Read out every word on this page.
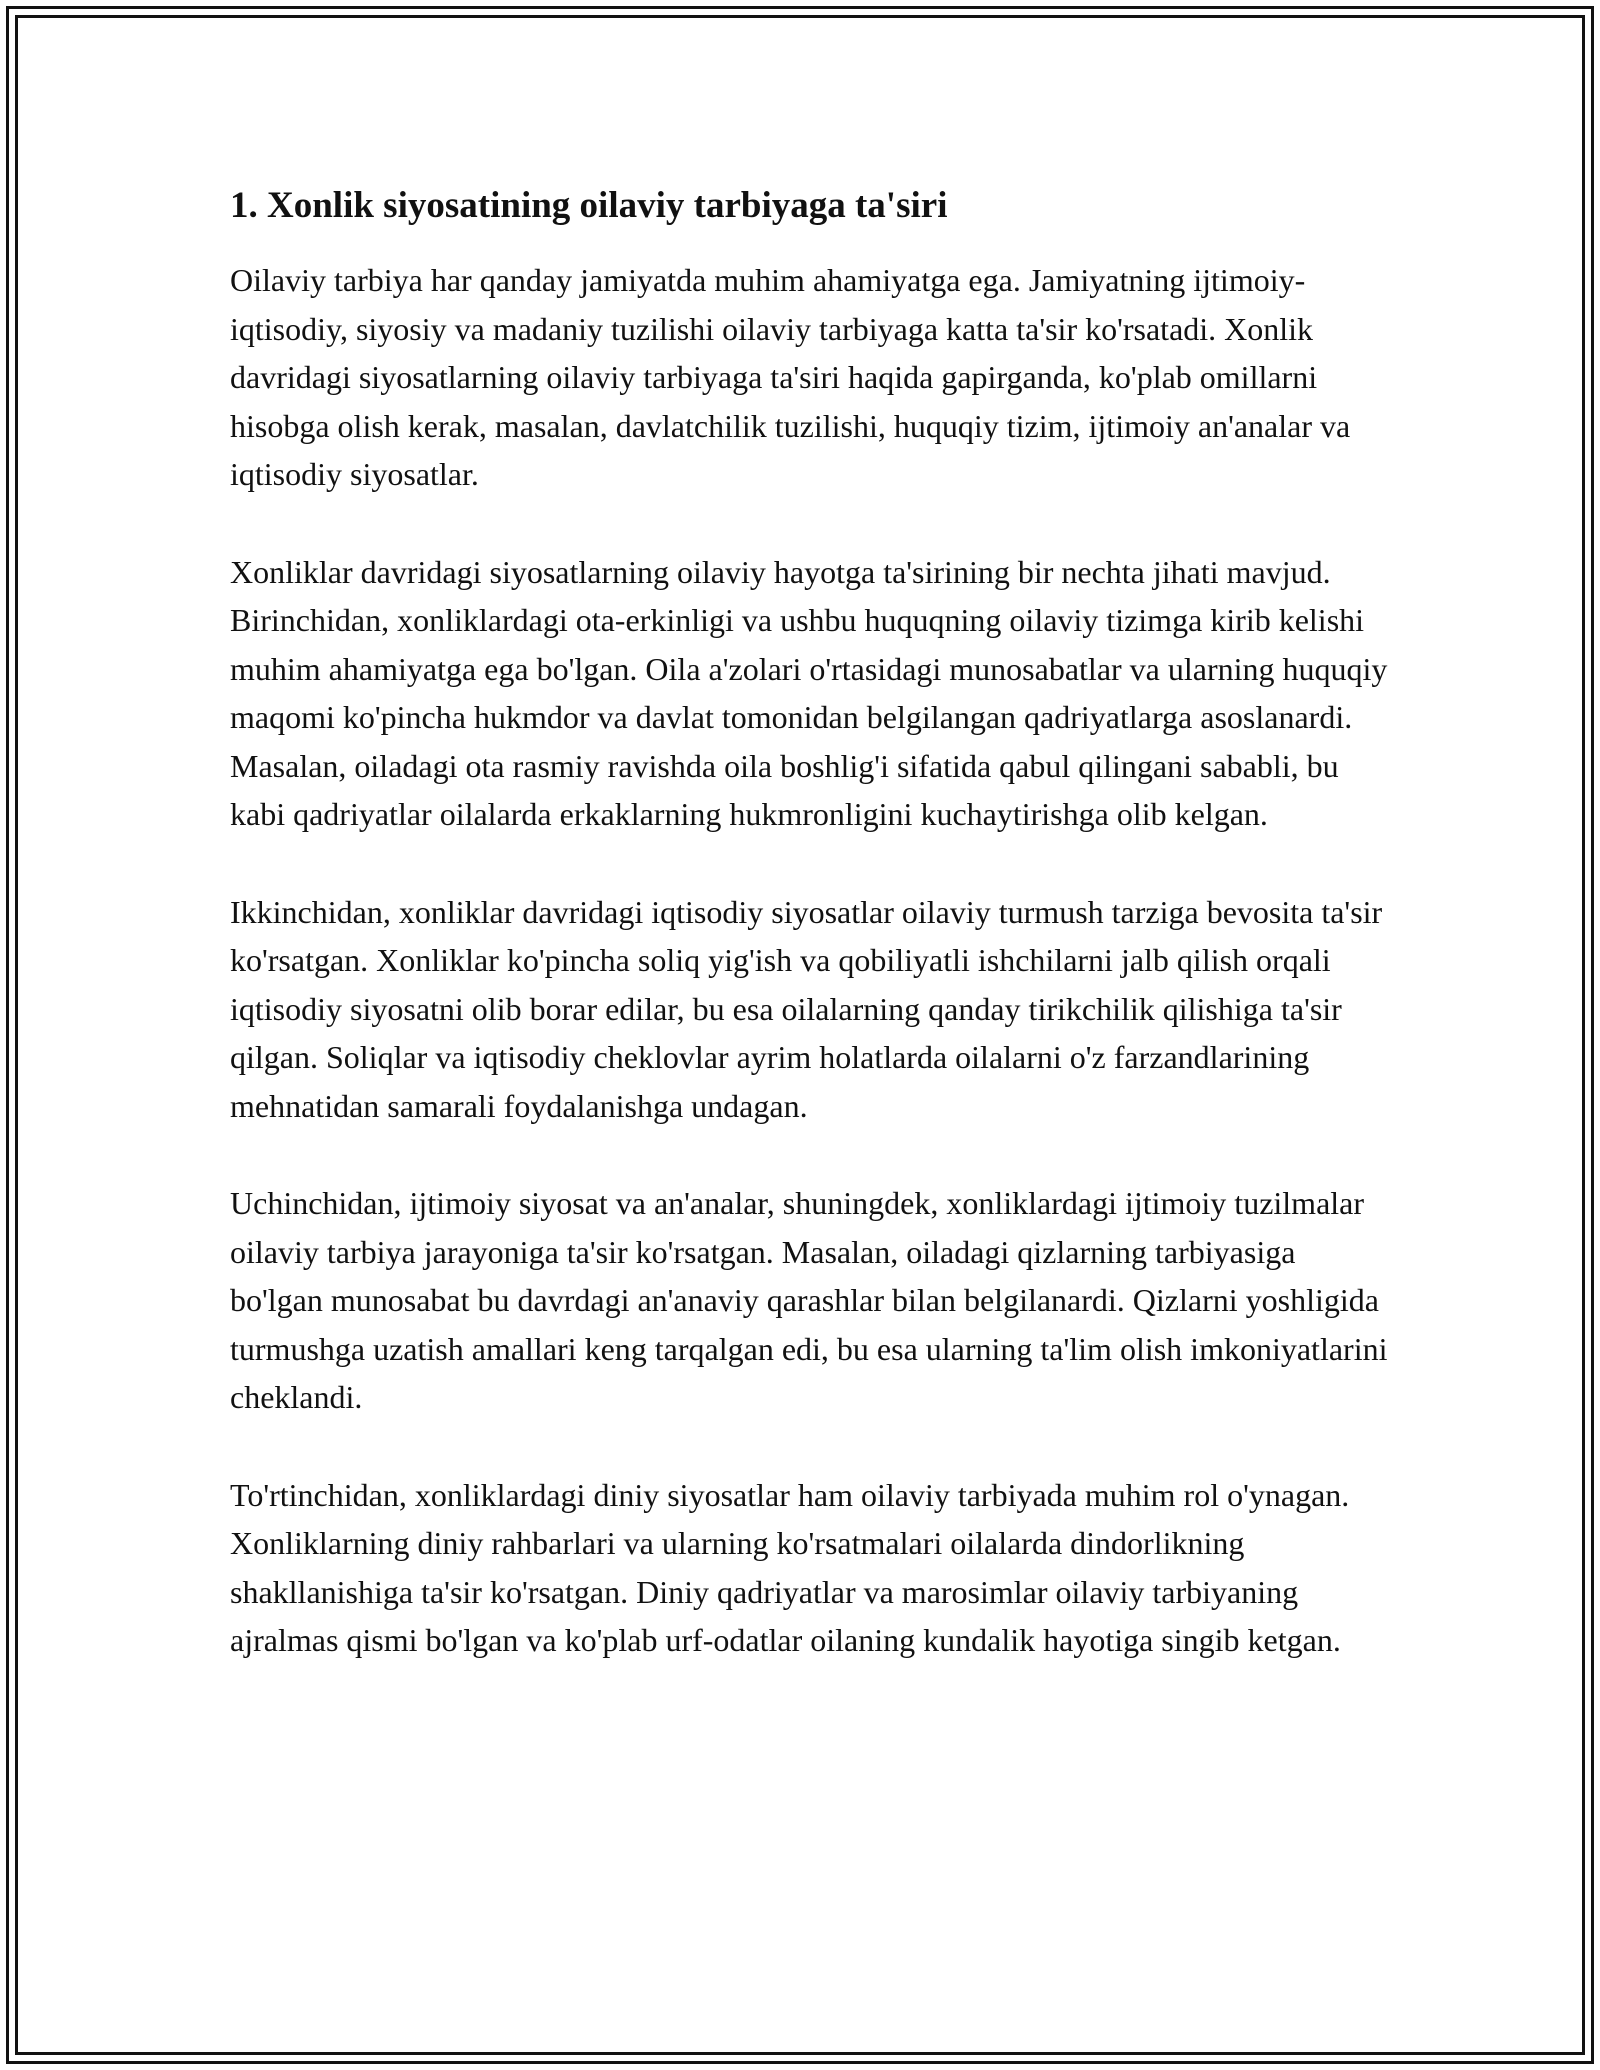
1. Xonlik siyosatining oilaviy tarbiyaga ta'siri

Oilaviy tarbiya har qanday jamiyatda muhim ahamiyatga ega. Jamiyatning ijtimoiy-iqtisodiy, siyosiy va madaniy tuzilishi oilaviy tarbiyaga katta ta'sir ko'rsatadi. Xonlik davridagi siyosatlarning oilaviy tarbiyaga ta'siri haqida gapirganda, ko'plab omillarni hisobga olish kerak, masalan, davlatchilik tuzilishi, huquqiy tizim, ijtimoiy an'analar va iqtisodiy siyosatlar.

Xonliklar davridagi siyosatlarning oilaviy hayotga ta'sirining bir nechta jihati mavjud. Birinchidan, xonliklardagi ota-erkinligi va ushbu huquqning oilaviy tizimga kirib kelishi muhim ahamiyatga ega bo'lgan. Oila a'zolari o'rtasidagi munosabatlar va ularning huquqiy maqomi ko'pincha hukmdor va davlat tomonidan belgilangan qadriyatlarga asoslanardi. Masalan, oiladagi ota rasmiy ravishda oila boshlig'i sifatida qabul qilingani sababli, bu kabi qadriyatlar oilalarda erkaklarning hukmronligini kuchaytirishga olib kelgan.

Ikkinchidan, xonliklar davridagi iqtisodiy siyosatlar oilaviy turmush tarziga bevosita ta'sir ko'rsatgan. Xonliklar ko'pincha soliq yig'ish va qobiliyatli ishchilarni jalb qilish orqali iqtisodiy siyosatni olib borar edilar, bu esa oilalarning qanday tirikchilik qilishiga ta'sir qilgan. Soliqlar va iqtisodiy cheklovlar ayrim holatlarda oilalarni o'z farzandlarining mehnatidan samarali foydalanishga undagan.

Uchinchidan, ijtimoiy siyosat va an'analar, shuningdek, xonliklardagi ijtimoiy tuzilmalar oilaviy tarbiya jarayoniga ta'sir ko'rsatgan. Masalan, oiladagi qizlarning tarbiyasiga bo'lgan munosabat bu davrdagi an'anaviy qarashlar bilan belgilanardi. Qizlarni yoshligida turmushga uzatish amallari keng tarqalgan edi, bu esa ularning ta'lim olish imkoniyatlarini cheklandi.

To'rtinchidan, xonliklardagi diniy siyosatlar ham oilaviy tarbiyada muhim rol o'ynagan. Xonliklarning diniy rahbarlari va ularning ko'rsatmalari oilalarda dindorlikning shakllanishiga ta'sir ko'rsatgan. Diniy qadriyatlar va marosimlar oilaviy tarbiyaning ajralmas qismi bo'lgan va ko'plab urf-odatlar oilaning kundalik hayotiga singib ketgan.
